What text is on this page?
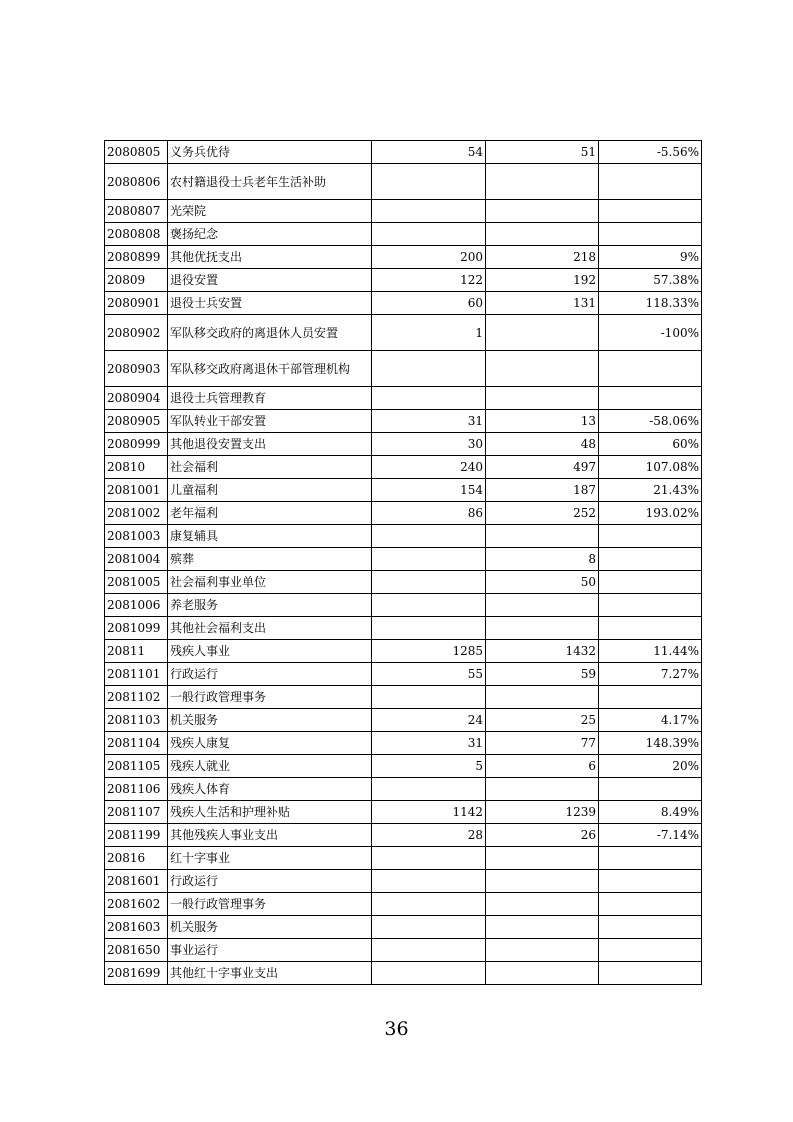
2080805	义务兵优待	54	51	-5.56%
2080806	农村籍退役士兵老年生活补助			
2080807	光荣院			
2080808	褒扬纪念			
2080899	其他优抚支出	200	218	9%
20809	退役安置	122	192	57.38%
2080901	退役士兵安置	60	131	118.33%
2080902	军队移交政府的离退休人员安置	1		-100%
2080903	军队移交政府离退休干部管理机构			
2080904	退役士兵管理教育			
2080905	军队转业干部安置	31	13	-58.06%
2080999	其他退役安置支出	30	48	60%
20810	社会福利	240	497	107.08%
2081001	儿童福利	154	187	21.43%
2081002	老年福利	86	252	193.02%
2081003	康复辅具			
2081004	殡葬		8	
2081005	社会福利事业单位		50	
2081006	养老服务			
2081099	其他社会福利支出			
20811	残疾人事业	1285	1432	11.44%
2081101	行政运行	55	59	7.27%
2081102	一般行政管理事务			
2081103	机关服务	24	25	4.17%
2081104	残疾人康复	31	77	148.39%
2081105	残疾人就业	5	6	20%
2081106	残疾人体育			
2081107	残疾人生活和护理补贴	1142	1239	8.49%
2081199	其他残疾人事业支出	28	26	-7.14%
20816	红十字事业			
2081601	行政运行			
2081602	一般行政管理事务			
2081603	机关服务			
2081650	事业运行			
2081699	其他红十字事业支出			
36
